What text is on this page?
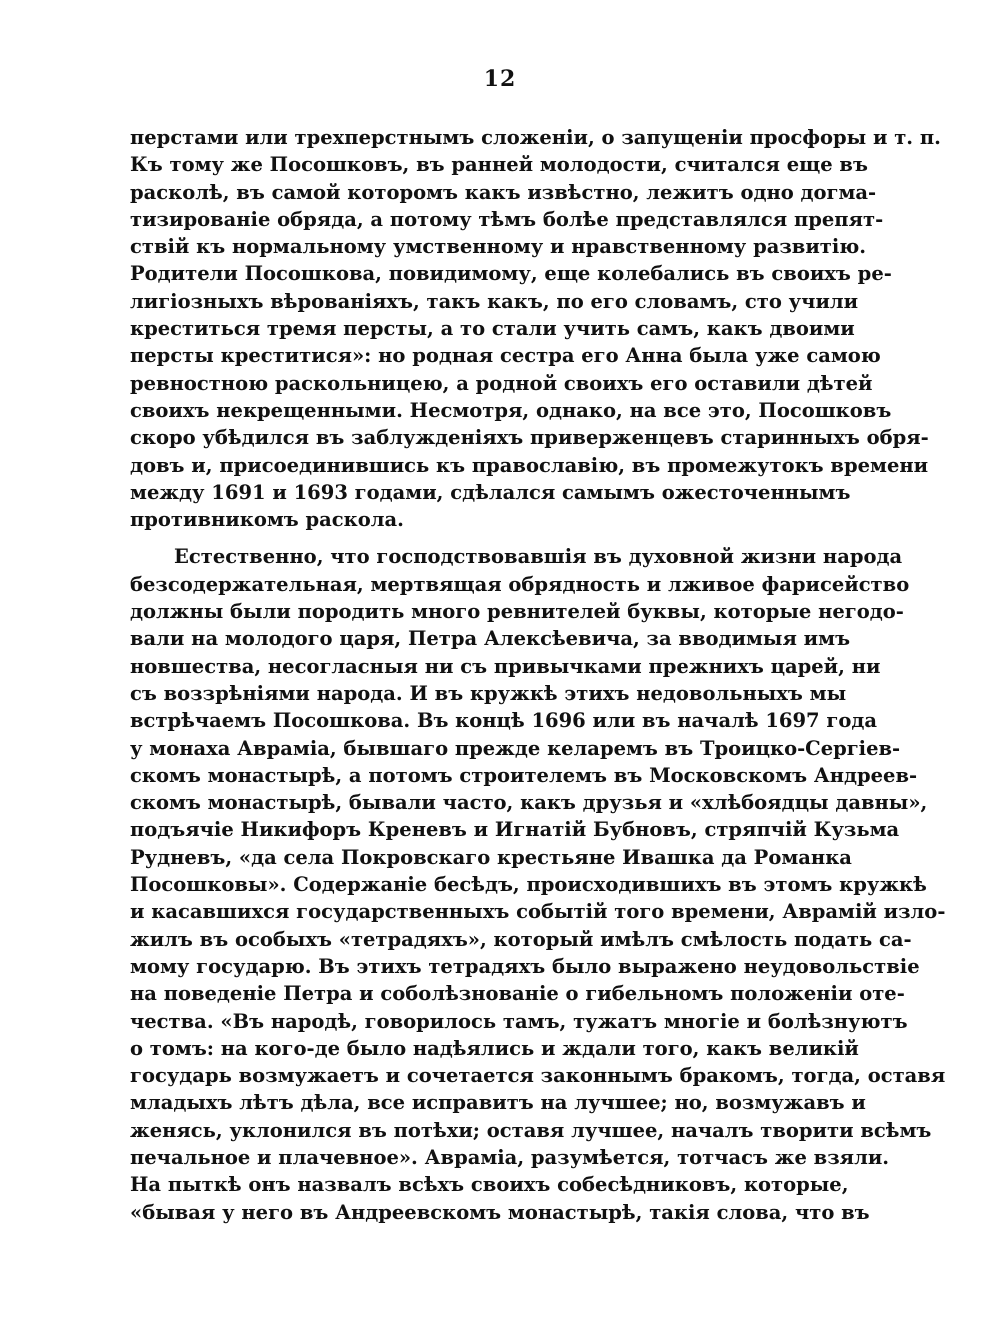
12
перстами или трехперстнымъ сложеніи, о запущеніи просфоры и т. п.
Къ тому же Посошковъ, въ ранней молодости, считался еще въ
расколѣ, въ самой которомъ какъ извѣстно, лежитъ одно догма-
тизированіе обряда, а потому тѣмъ болѣе представлялся препят-
ствій къ нормальному умственному и нравственному развитію.
Родители Посошкова, повидимому, еще колебались въ своихъ ре-
лигіозныхъ вѣрованіяхъ, такъ какъ, по его словамъ, сто учили
креститься тремя персты, а то стали учить самъ, какъ двоими
персты креститися»: но родная сестра его Анна была уже самою
ревностною раскольницею, а родной своихъ его оставили дѣтей
своихъ некрещенными. Несмотря, однако, на все это, Посошковъ
скоро убѣдился въ заблужденіяхъ приверженцевъ старинныхъ обря-
довъ и, присоединившись къ православію, въ промежутокъ времени
между 1691 и 1693 годами, сдѣлался самымъ ожесточеннымъ
противникомъ раскола.
Естественно, что господствовавшія въ духовной жизни народа
безсодержательная, мертвящая обрядность и лживое фарисейство
должны были породить много ревнителей буквы, которые негодо-
вали на молодого царя, Петра Алексѣевича, за вводимыя имъ
новшества, несогласныя ни съ привычками прежнихъ царей, ни
съ воззрѣніями народа. И въ кружкѣ этихъ недовольныхъ мы
встрѣчаемъ Посошкова. Въ концѣ 1696 или въ началѣ 1697 года
у монаха Авраміа, бывшаго прежде келаремъ въ Троицко-Сергіев-
скомъ монастырѣ, а потомъ строителемъ въ Московскомъ Андреев-
скомъ монастырѣ, бывали часто, какъ друзья и «хлѣбоядцы давны»,
подъячіе Никифоръ Креневъ и Игнатій Бубновъ, стряпчій Кузьма
Рудневъ, «да села Покровскаго крестьяне Ивашка да Романка
Посошковы». Содержаніе бесѣдъ, происходившихъ въ этомъ кружкѣ
и касавшихся государственныхъ событій того времени, Аврамій изло-
жилъ въ особыхъ «тетрадяхъ», который имѣлъ смѣлость подать са-
мому государю. Въ этихъ тетрадяхъ было выражено неудовольствіе
на поведеніе Петра и соболѣзнованіе о гибельномъ положеніи оте-
чества. «Въ народѣ, говорилось тамъ, тужатъ многіе и болѣзнуютъ
о томъ: на кого-де было надѣялись и ждали того, какъ великій
государь возмужаетъ и сочетается законнымъ бракомъ, тогда, оставя
младыхъ лѣтъ дѣла, все исправитъ на лучшее; но, возмужавъ и
женясь, уклонился въ потѣхи; оставя лучшее, началъ творити всѣмъ
печальное и плачевное». Авраміа, разумѣется, тотчасъ же взяли.
На пыткѣ онъ назвалъ всѣхъ своихъ собесѣдниковъ, которые,
«бывая у него въ Андреевскомъ монастырѣ, такія слова, что въ
